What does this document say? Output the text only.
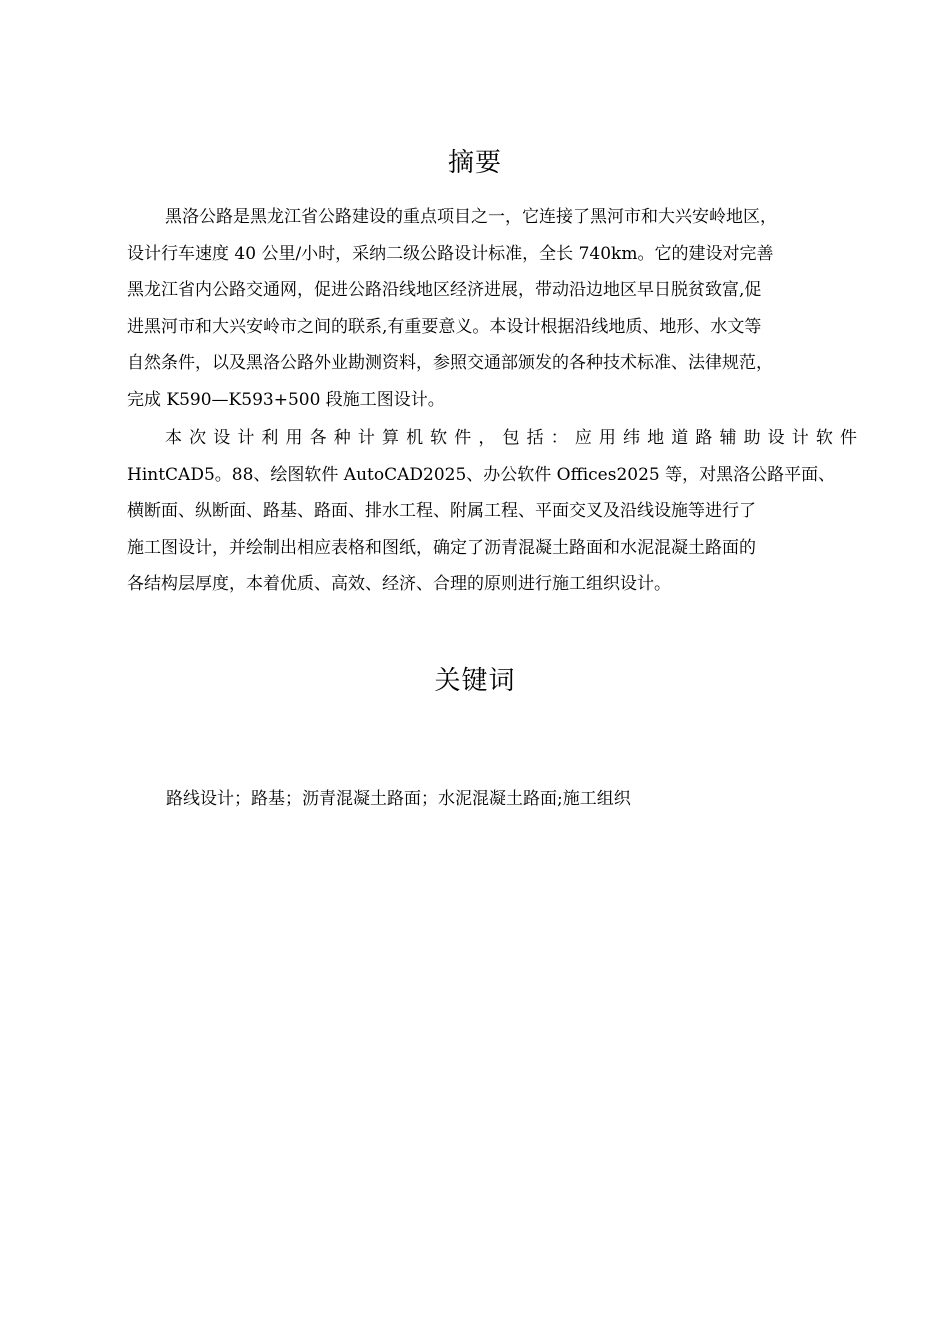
摘要
黑洛公路是黑龙江省公路建设的重点项目之一，它连接了黑河市和大兴安岭地区，
设计行车速度 40 公里/小时，采纳二级公路设计标准，全长 740km。它的建设对完善
黑龙江省内公路交通网，促进公路沿线地区经济进展，带动沿边地区早日脱贫致富,促
进黑河市和大兴安岭市之间的联系,有重要意义。本设计根据沿线地质、地形、水文等
自然条件，以及黑洛公路外业勘测资料，参照交通部颁发的各种技术标准、法律规范，
完成 K590—K593+500 段施工图设计。
本次设计利用各种计算机软件，包括：应用纬地道路辅助设计软件
HintCAD5。88、绘图软件 AutoCAD2025、办公软件 Offices2025 等，对黑洛公路平面、
横断面、纵断面、路基、路面、排水工程、附属工程、平面交叉及沿线设施等进行了
施工图设计，并绘制出相应表格和图纸，确定了沥青混凝土路面和水泥混凝土路面的
各结构层厚度，本着优质、高效、经济、合理的原则进行施工组织设计。
关键词

路线设计；路基；沥青混凝土路面；水泥混凝土路面;施工组织
